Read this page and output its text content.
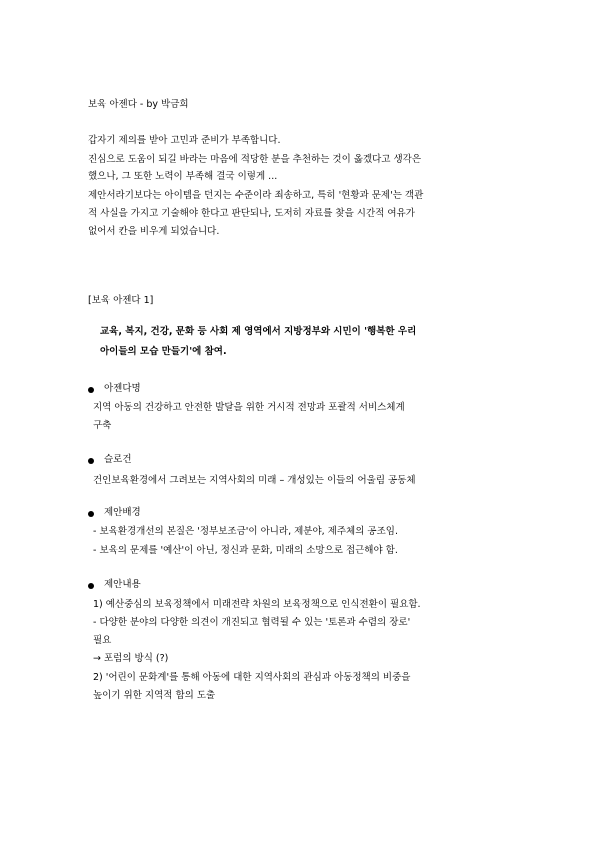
보육 아젠다 - by 박금희
갑자기 제의를 받아 고민과 준비가 부족합니다.
진심으로 도움이 되길 바라는 마음에 적당한 분을 추천하는 것이 옳겠다고 생각은
했으나, 그 또한 노력이 부족해 결국 이렇게 ...
제안서라기보다는 아이템을 던지는 수준이라 죄송하고, 특히 '현황과 문제'는 객관
적 사실을 가지고 기술해야 한다고 판단되나, 도저히 자료를 찾을 시간적 여유가
없어서 칸을 비우게 되었습니다.
[보육 아젠다 1]
교육, 복지, 건강, 문화 등 사회 제 영역에서 지방정부와 시민이 '행복한 우리
아이들의 모습 만들기'에 참여.
아젠다명
지역 아동의 건강하고 안전한 발달을 위한 거시적 전망과 포괄적 서비스체계
구축
슬로건
건인보육환경에서 그려보는 지역사회의 미래 – 개성있는 이들의 어울림 공동체
제안배경
- 보육환경개선의 본질은 '정부보조금'이 아니라, 제분야, 제주체의 공조임.
- 보육의 문제를 '예산'이 아닌, 정신과 문화, 미래의 소망으로 접근해야 함.
제안내용
1) 예산중심의 보육정책에서 미래전략 차원의 보육정책으로 인식전환이 필요함.
- 다양한 분야의 다양한 의견이 개진되고 협력될 수 있는 '토론과 수렴의 장로'
필요
→ 포럼의 방식 (?)
2) '어린이 문화계'를 통해 아동에 대한 지역사회의 관심과 아동정책의 비중을
높이기 위한 지역적 합의 도출
